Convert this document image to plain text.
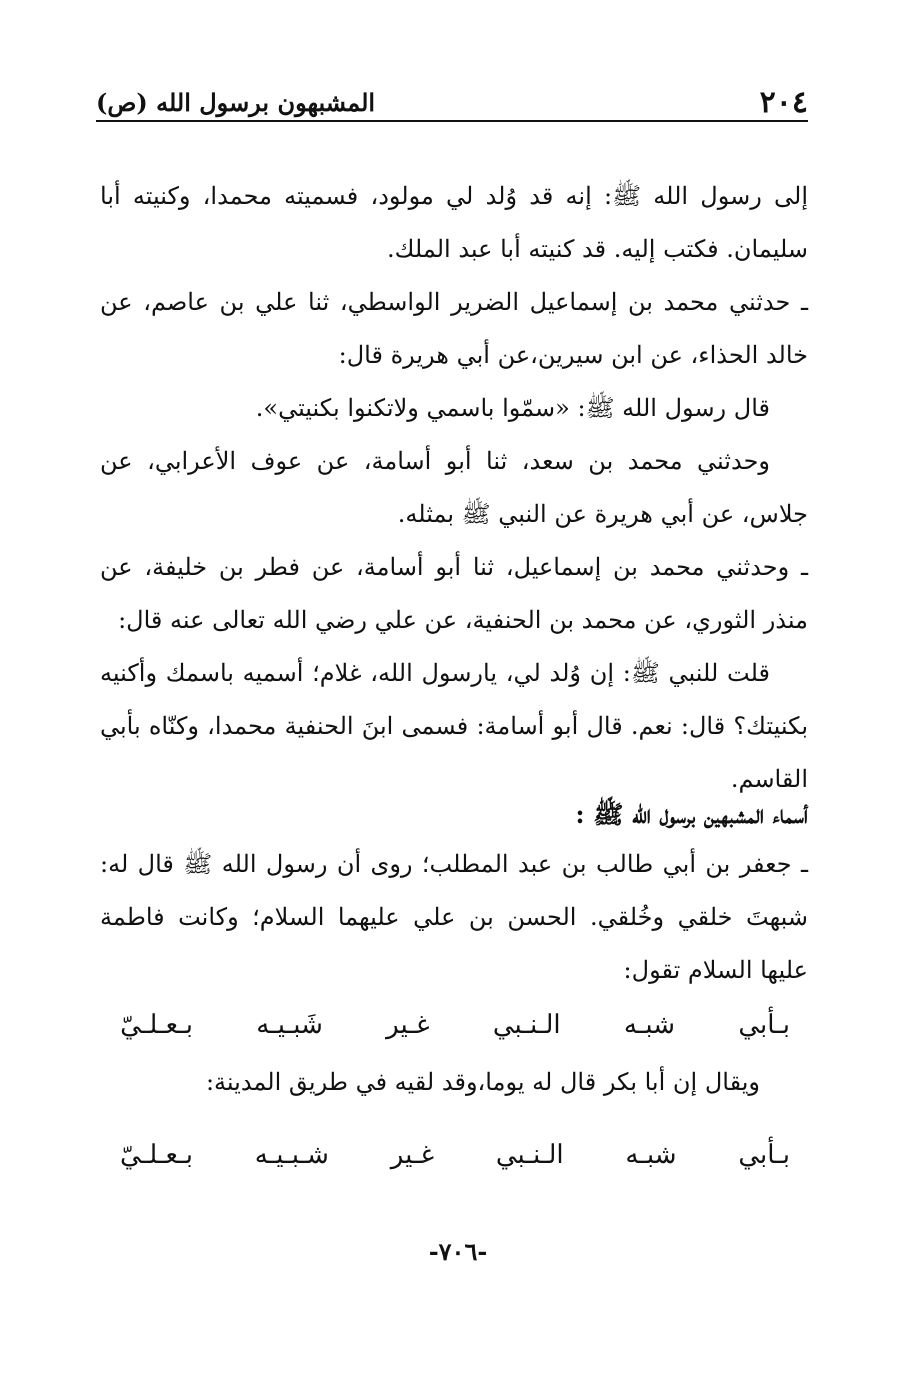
٢٠٤
المشبهون برسول الله (ص)

إلى رسول الله ﷺ: إنه قد وُلد لي مولود، فسميته محمدا، وكنيته أبا سليمان. فكتب إليه. قد كنيته أبا عبد الملك.

ـ حدثني محمد بن إسماعيل الضرير الواسطي، ثنا علي بن عاصم، عن خالد الحذاء، عن ابن سيرين،عن أبي هريرة قال:

قال رسول الله ﷺ: «سمّوا باسمي ولاتكنوا بكنيتي».

وحدثني محمد بن سعد، ثنا أبو أسامة، عن عوف الأعرابي، عن جلاس، عن أبي هريرة عن النبي ﷺ بمثله.

ـ وحدثني محمد بن إسماعيل، ثنا أبو أسامة، عن فطر بن خليفة، عن منذر الثوري، عن محمد بن الحنفية، عن علي رضي الله تعالى عنه قال:

قلت للنبي ﷺ: إن وُلد لي، يارسول الله، غلام؛ أسميه باسمك وأكنيه بكنيتك؟ قال: نعم. قال أبو أسامة: فسمى ابنَ الحنفية محمدا، وكنّاه بأبي القاسم.

أسماء المشبهين برسول الله ﷺ :
ـ جعفر بن أبي طالب بن عبد المطلب؛ روى أن رسول الله ﷺ قال له: شبهتَ خلقي وخُلقي. الحسن بن علي عليهما السلام؛ وكانت فاطمة عليها السلام تقول:
بـأبي
شبـه
الـنـبي
غـير
شَبـيـه
بـعـلـيّ
ويقال إن أبا بكر قال له يوما،وقد لقيه في طريق المدينة:
بـأبي
شبـه
الـنـبي
غـير
شـبـيـه
بـعـلـيّ
-٧٠٦-
